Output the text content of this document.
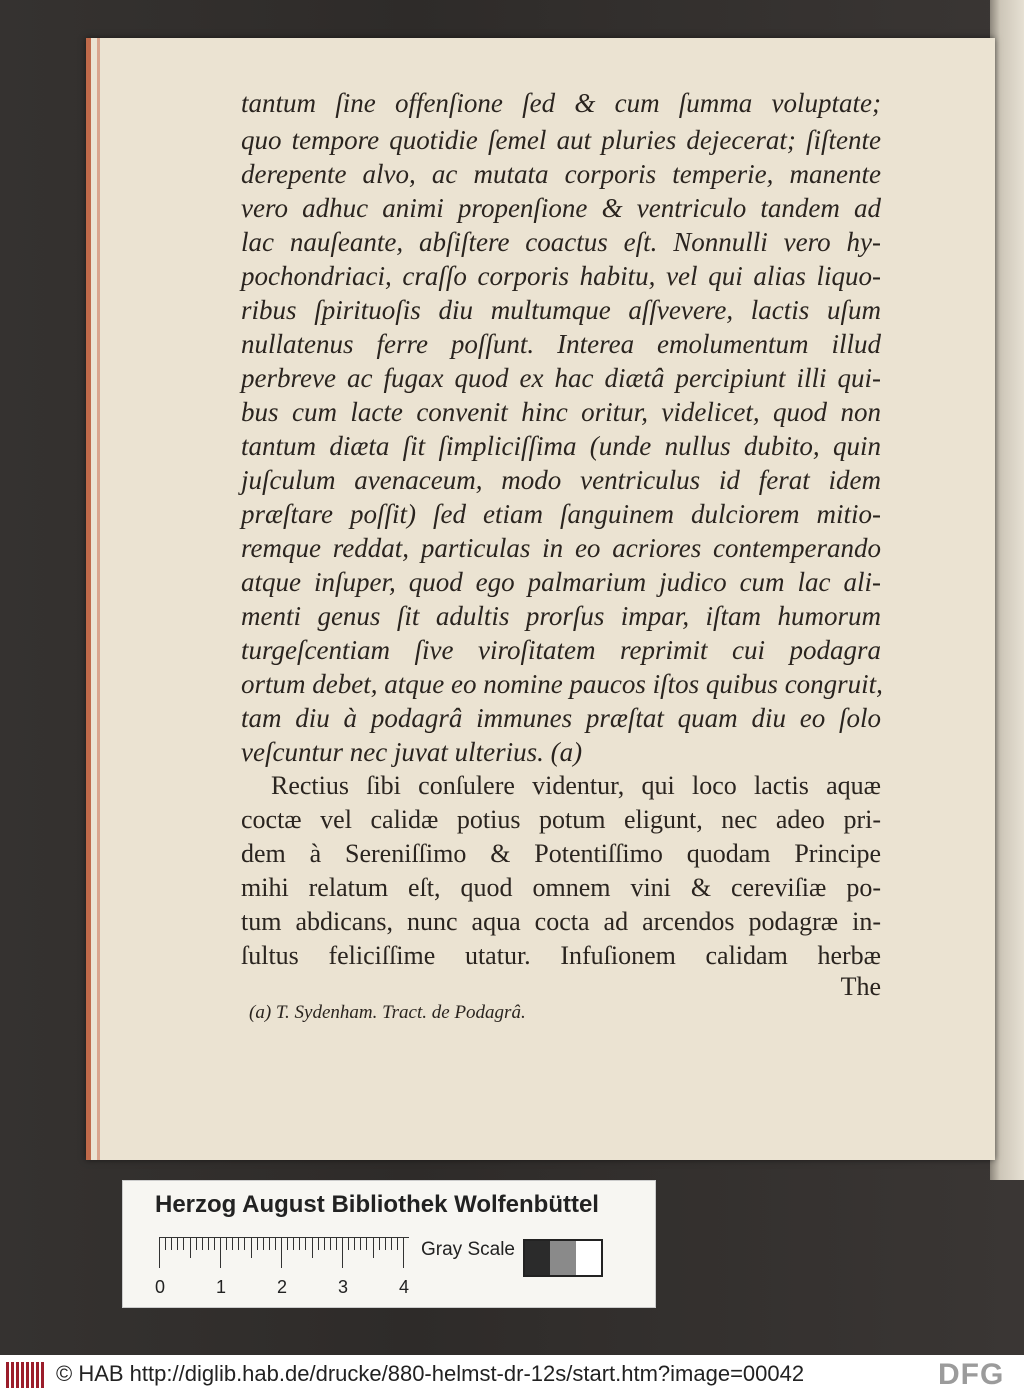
tantum ſine offenſione ſed & cum ſumma voluptate;

quo tempore quotidie ſemel aut pluries dejecerat; ſiſtente

derepente alvo, ac mutata corporis temperie, manente

vero adhuc animi propenſione & ventriculo tandem ad

lac nauſeante, abſiſtere coactus eſt. Nonnulli vero hy-

pochondriaci, craſſo corporis habitu, vel qui alias liquo-

ribus ſpirituoſis diu multumque aſſvevere, lactis uſum

nullatenus ferre poſſunt. Interea emolumentum illud

perbreve ac fugax quod ex hac diætâ percipiunt illi qui-

bus cum lacte convenit hinc oritur, videlicet, quod non

tantum diæta ſit ſimpliciſſima (unde nullus dubito, quin

juſculum avenaceum, modo ventriculus id ferat idem

præſtare poſſit) ſed etiam ſanguinem dulciorem mitio-

remque reddat, particulas in eo acriores contemperando

atque inſuper, quod ego palmarium judico cum lac ali-

menti genus ſit adultis prorſus impar, iſtam humorum

turgeſcentiam ſive viroſitatem reprimit cui podagra

ortum debet, atque eo nomine paucos iſtos quibus congruit,

tam diu à podagrâ immunes præſtat quam diu eo ſolo

veſcuntur nec juvat ulterius. (a)

Rectius ſibi conſulere videntur, qui loco lactis aquæ

coctæ vel calidæ potius potum eligunt, nec adeo pri-

dem à Sereniſſimo & Potentiſſimo quodam Principe

mihi relatum eſt, quod omnem vini & cereviſiæ po-

tum abdicans, nunc aqua cocta ad arcendos podagræ in-

ſultus feliciſſime utatur. Infuſionem calidam herbæ

The

(a) T. Sydenham. Tract. de Podagrâ.
Herzog August Bibliothek Wolfenbüttel
0	1	2	3	4
Gray Scale
© HAB http://diglib.hab.de/drucke/880-helmst-dr-12s/start.htm?image=00042	DFG
